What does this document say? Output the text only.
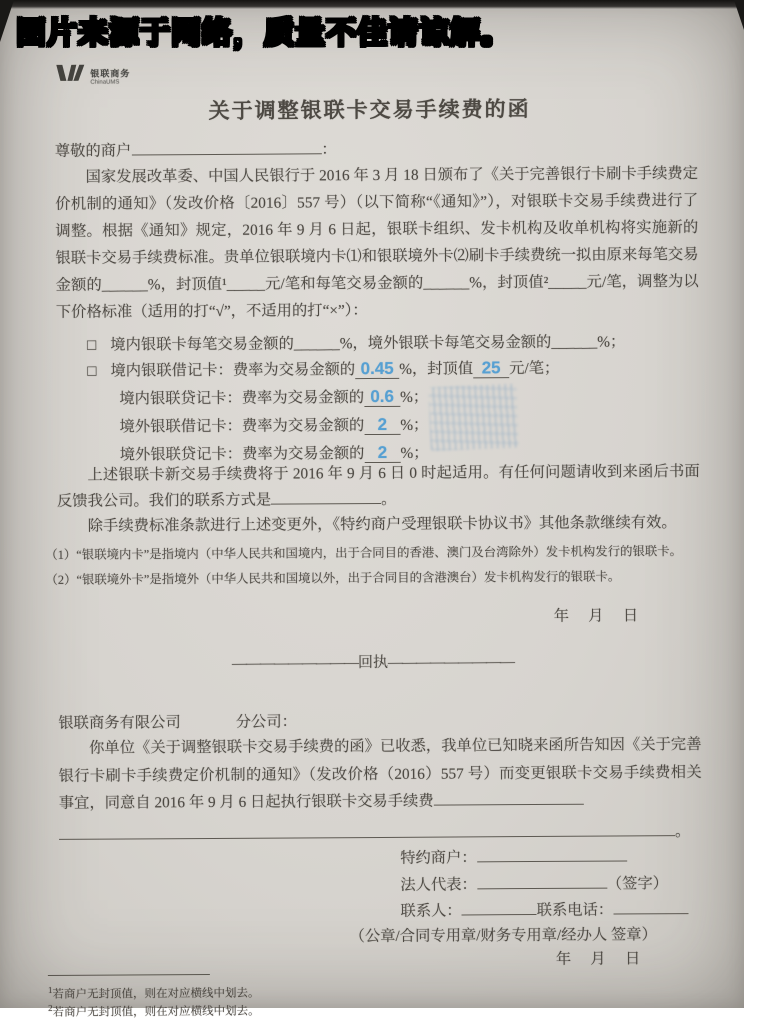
银联商务
ChinaUMS
关于调整银联卡交易手续费的函
尊敬的商户	：
国家发展改革委、中国人民银行于 2016 年 3 月 18 日颁布了《关于完善银行卡刷卡手续费定价机制的通知》（发改价格〔2016〕557 号）（以下简称“《通知》”），对银联卡交易手续费进行了调整。根据《通知》规定，2016 年 9 月 6 日起，银联卡组织、发卡机构及收单机构将实施新的银联卡交易手续费标准。贵单位银联境内卡⑴和银联境外卡⑵刷卡手续费统一拟由原来每笔交易金额的______%，封顶值¹_____元/笔和每笔交易金额的______%，封顶值²_____元/笔，调整为以下价格标准（适用的打“√”，不适用的打“×”）：
□ 境内银联卡每笔交易金额的______%，境外银联卡每笔交易金额的______%；
□ 境内银联借记卡：费率为交易金额的 0.45 %，封顶值 25 元/笔；
境内银联贷记卡：费率为交易金额的 0.6 %；
境外银联借记卡：费率为交易金额的 2 %；
境外银联贷记卡：费率为交易金额的 2 %；
上述银联卡新交易手续费将于 2016 年 9 月 6 日 0 时起适用。有任何问题请收到来函后书面反馈我公司。我们的联系方式是	。
除手续费标准条款进行上述变更外，《特约商户受理银联卡协议书》其他条款继续有效。
（1）“银联境内卡”是指境内（中华人民共和国境内，出于合同目的香港、澳门及台湾除外）发卡机构发行的银联卡。
（2）“银联境外卡”是指境外（中华人民共和国境以外，出于合同目的含港澳台）发卡机构发行的银联卡。
年　月　日
—————————回执—————————
银联商务有限公司	分公司：
你单位《关于调整银联卡交易手续费的函》已收悉，我单位已知晓来函所告知因《关于完善银行卡刷卡手续费定价机制的通知》（发改价格（2016）557 号）而变更银联卡交易手续费相关事宜，同意自 2016 年 9 月 6 日起执行银联卡交易手续费
。
特约商户：
法人代表：	（签字）
联系人：	联系电话：
（公章/合同专用章/财务专用章/经办人 签章）
年　月　日
$^1$若商户无封顶值，则在对应横线中划去。
$^2$若商户无封顶值，则在对应横线中划去。
图片来源于网络，质量不佳请谅解。
